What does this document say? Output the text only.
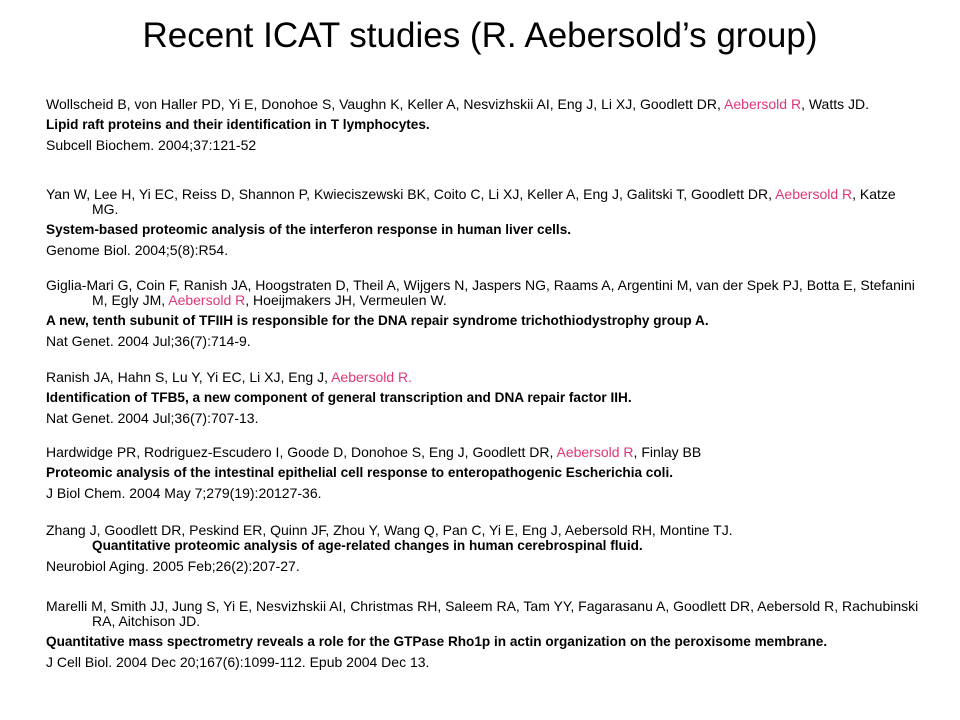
Recent ICAT studies (R. Aebersold’s group)
Wollscheid B, von Haller PD, Yi E, Donohoe S, Vaughn K, Keller A, Nesvizhskii AI, Eng J, Li XJ, Goodlett DR, Aebersold R, Watts JD.
Lipid raft proteins and their identification in T lymphocytes.
Subcell Biochem. 2004;37:121-52
Yan W, Lee H, Yi EC, Reiss D, Shannon P, Kwieciszewski BK, Coito C, Li XJ, Keller A, Eng J, Galitski T, Goodlett DR, Aebersold R, Katze MG.
System-based proteomic analysis of the interferon response in human liver cells.
Genome Biol. 2004;5(8):R54.
Giglia-Mari G, Coin F, Ranish JA, Hoogstraten D, Theil A, Wijgers N, Jaspers NG, Raams A, Argentini M, van der Spek PJ, Botta E, Stefanini M, Egly JM, Aebersold R, Hoeijmakers JH, Vermeulen W.
A new, tenth subunit of TFIIH is responsible for the DNA repair syndrome trichothiodystrophy group A.
Nat Genet. 2004 Jul;36(7):714-9.
Ranish JA, Hahn S, Lu Y, Yi EC, Li XJ, Eng J, Aebersold R.
Identification of TFB5, a new component of general transcription and DNA repair factor IIH.
Nat Genet. 2004 Jul;36(7):707-13.
Hardwidge PR, Rodriguez-Escudero I, Goode D, Donohoe S, Eng J, Goodlett DR, Aebersold R, Finlay BB
Proteomic analysis of the intestinal epithelial cell response to enteropathogenic Escherichia coli.
J Biol Chem. 2004 May 7;279(19):20127-36.
Zhang J, Goodlett DR, Peskind ER, Quinn JF, Zhou Y, Wang Q, Pan C, Yi E, Eng J, Aebersold RH, Montine TJ.
Quantitative proteomic analysis of age-related changes in human cerebrospinal fluid.
Neurobiol Aging. 2005 Feb;26(2):207-27.
Marelli M, Smith JJ, Jung S, Yi E, Nesvizhskii AI, Christmas RH, Saleem RA, Tam YY, Fagarasanu A, Goodlett DR, Aebersold R, Rachubinski RA, Aitchison JD.
Quantitative mass spectrometry reveals a role for the GTPase Rho1p in actin organization on the peroxisome membrane.
J Cell Biol. 2004 Dec 20;167(6):1099-112. Epub 2004 Dec 13.
